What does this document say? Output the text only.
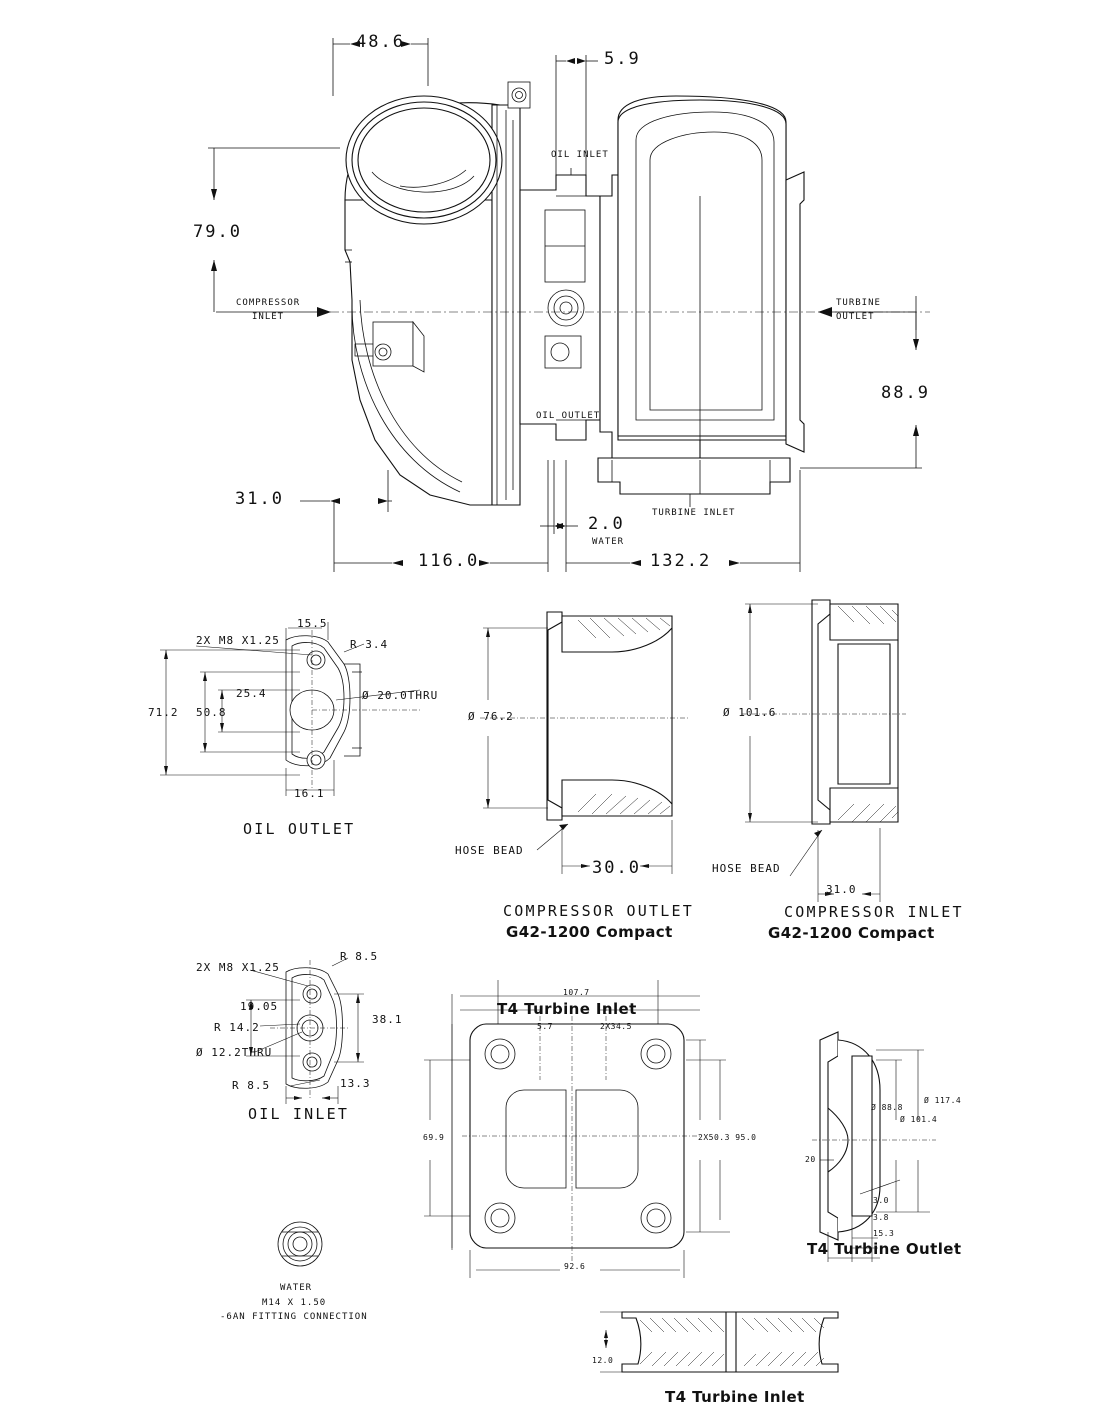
48.6
5.9
79.0
88.9
31.0
2.0
116.0	132.2
COMPRESSOR
INLET
OIL INLET
TURBINE
OUTLET
OIL OUTLET
TURBINE INLET
WATER
15.5
2X M8 X1.25	R 3.4
25.4	Ø 20.0THRU
71.2 50.8
16.1
OIL OUTLET
Ø 76.2
HOSE BEAD
30.0
COMPRESSOR OUTLET
G42-1200 Compact
Ø 101.6
HOSE BEAD
31.0
COMPRESSOR INLET
G42-1200 Compact
2X M8 X1.25
R 8.5
19.05
38.1
R 14.2
Ø 12.2THRU
R 8.5	13.3
OIL INLET
T4 Turbine Inlet
107.7
5.7	2X34.5
69.9	2X50.3 95.0
92.6
Ø 88.8
Ø 117.4
Ø 101.4
20
3.0
3.8
15.3
T4 Turbine Outlet
WATER
M14 X 1.50
-6AN FITTING CONNECTION
12.0
T4 Turbine Inlet
